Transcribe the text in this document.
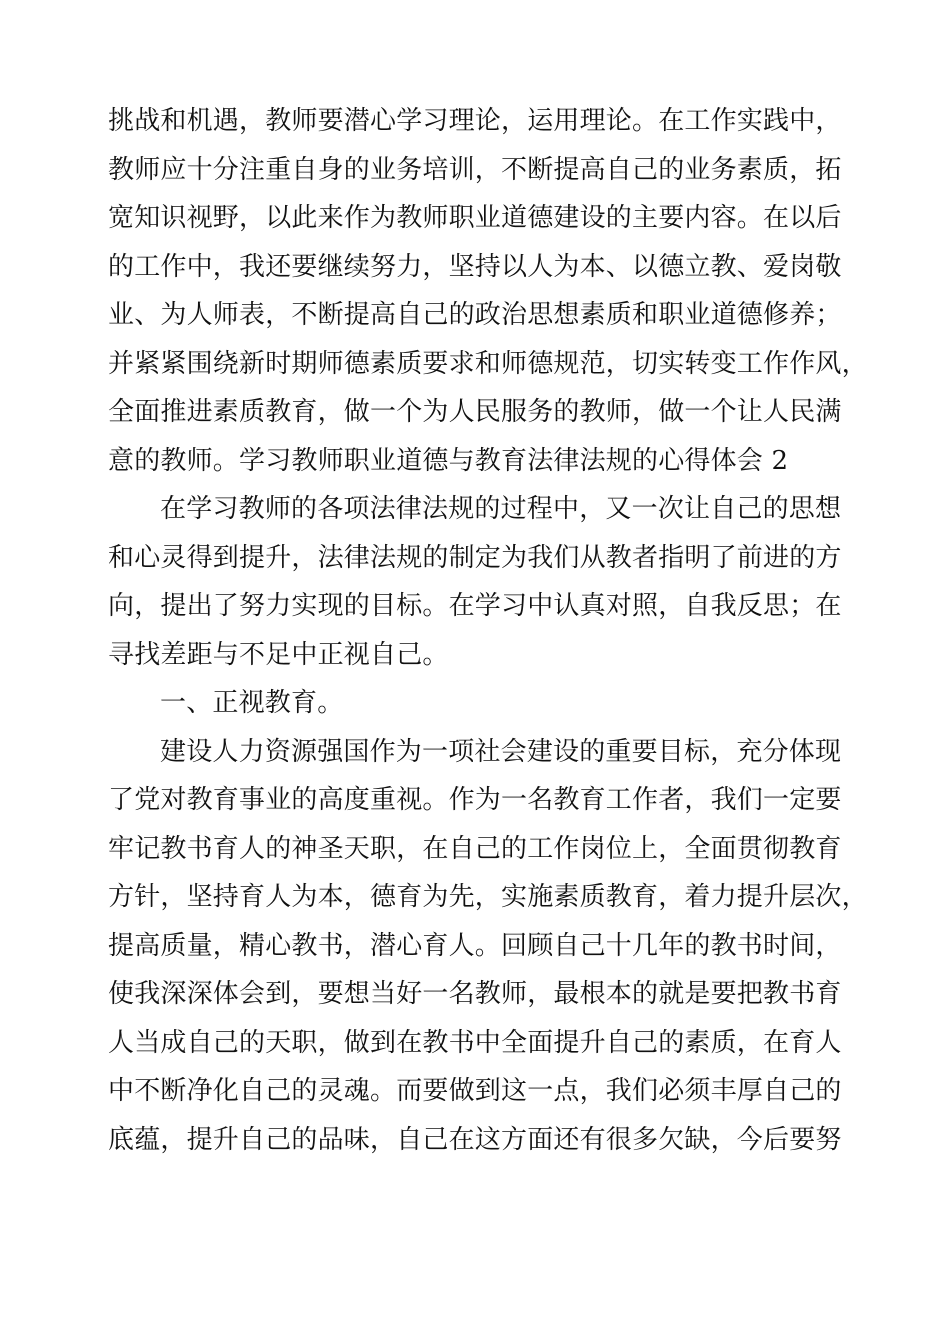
挑战和机遇，教师要潜心学习理论，运用理论。在工作实践中，
教师应十分注重自身的业务培训，不断提高自己的业务素质，拓
宽知识视野，以此来作为教师职业道德建设的主要内容。在以后
的工作中，我还要继续努力，坚持以人为本、以德立教、爱岗敬
业、为人师表，不断提高自己的政治思想素质和职业道德修养；
并紧紧围绕新时期师德素质要求和师德规范，切实转变工作作风，
全面推进素质教育，做一个为人民服务的教师，做一个让人民满
意的教师。学习教师职业道德与教育法律法规的心得体会 2
在学习教师的各项法律法规的过程中，又一次让自己的思想
和心灵得到提升，法律法规的制定为我们从教者指明了前进的方
向，提出了努力实现的目标。在学习中认真对照，自我反思；在
寻找差距与不足中正视自己。
一、正视教育。
建设人力资源强国作为一项社会建设的重要目标，充分体现
了党对教育事业的高度重视。作为一名教育工作者，我们一定要
牢记教书育人的神圣天职，在自己的工作岗位上，全面贯彻教育
方针，坚持育人为本，德育为先，实施素质教育，着力提升层次，
提高质量，精心教书，潜心育人。回顾自己十几年的教书时间，
使我深深体会到，要想当好一名教师，最根本的就是要把教书育
人当成自己的天职，做到在教书中全面提升自己的素质，在育人
中不断净化自己的灵魂。而要做到这一点，我们必须丰厚自己的
底蕴，提升自己的品味，自己在这方面还有很多欠缺，今后要努
